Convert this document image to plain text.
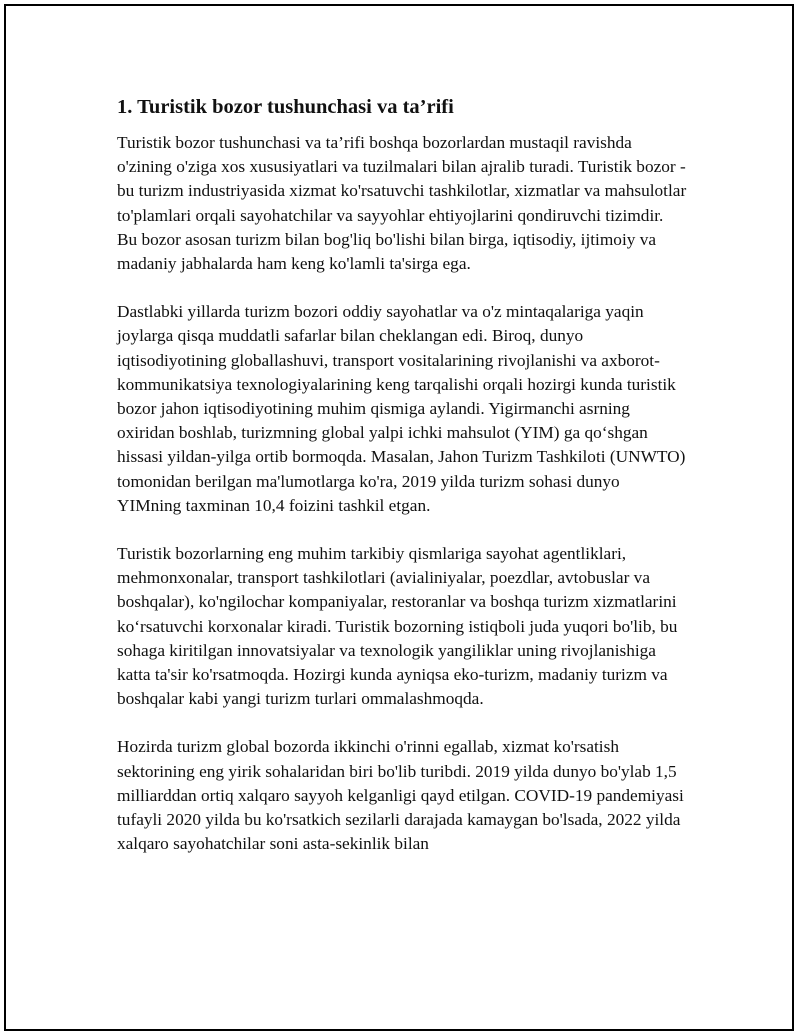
1. Turistik bozor tushunchasi va ta’rifi

Turistik bozor tushunchasi va ta’rifi boshqa bozorlardan mustaqil ravishda o'zining o'ziga xos xususiyatlari va tuzilmalari bilan ajralib turadi. Turistik bozor - bu turizm industriyasida xizmat ko'rsatuvchi tashkilotlar, xizmatlar va mahsulotlar to'plamlari orqali sayohatchilar va sayyohlar ehtiyojlarini qondiruvchi tizimdir. Bu bozor asosan turizm bilan bog'liq bo'lishi bilan birga, iqtisodiy, ijtimoiy va madaniy jabhalarda ham keng ko'lamli ta'sirga ega.

Dastlabki yillarda turizm bozori oddiy sayohatlar va o'z mintaqalariga yaqin joylarga qisqa muddatli safarlar bilan cheklangan edi. Biroq, dunyo iqtisodiyotining globallashuvi, transport vositalarining rivojlanishi va axborot-kommunikatsiya texnologiyalarining keng tarqalishi orqali hozirgi kunda turistik bozor jahon iqtisodiyotining muhim qismiga aylandi. Yigirmanchi asrning oxiridan boshlab, turizmning global yalpi ichki mahsulot (YIM) ga qo‘shgan hissasi yildan-yilga ortib bormoqda. Masalan, Jahon Turizm Tashkiloti (UNWTO) tomonidan berilgan ma'lumotlarga ko'ra, 2019 yilda turizm sohasi dunyo YIMning taxminan 10,4 foizini tashkil etgan.

Turistik bozorlarning eng muhim tarkibiy qismlariga sayohat agentliklari, mehmonxonalar, transport tashkilotlari (avialiniyalar, poezdlar, avtobuslar va boshqalar), ko'ngilochar kompaniyalar, restoranlar va boshqa turizm xizmatlarini ko‘rsatuvchi korxonalar kiradi. Turistik bozorning istiqboli juda yuqori bo'lib, bu sohaga kiritilgan innovatsiyalar va texnologik yangiliklar uning rivojlanishiga katta ta'sir ko'rsatmoqda. Hozirgi kunda ayniqsa eko-turizm, madaniy turizm va boshqalar kabi yangi turizm turlari ommalashmoqda.

Hozirda turizm global bozorda ikkinchi o'rinni egallab, xizmat ko'rsatish sektorining eng yirik sohalaridan biri bo'lib turibdi. 2019 yilda dunyo bo'ylab 1,5 milliarddan ortiq xalqaro sayyoh kelganligi qayd etilgan. COVID-19 pandemiyasi tufayli 2020 yilda bu ko'rsatkich sezilarli darajada kamaygan bo'lsada, 2022 yilda xalqaro sayohatchilar soni asta-sekinlik bilan
